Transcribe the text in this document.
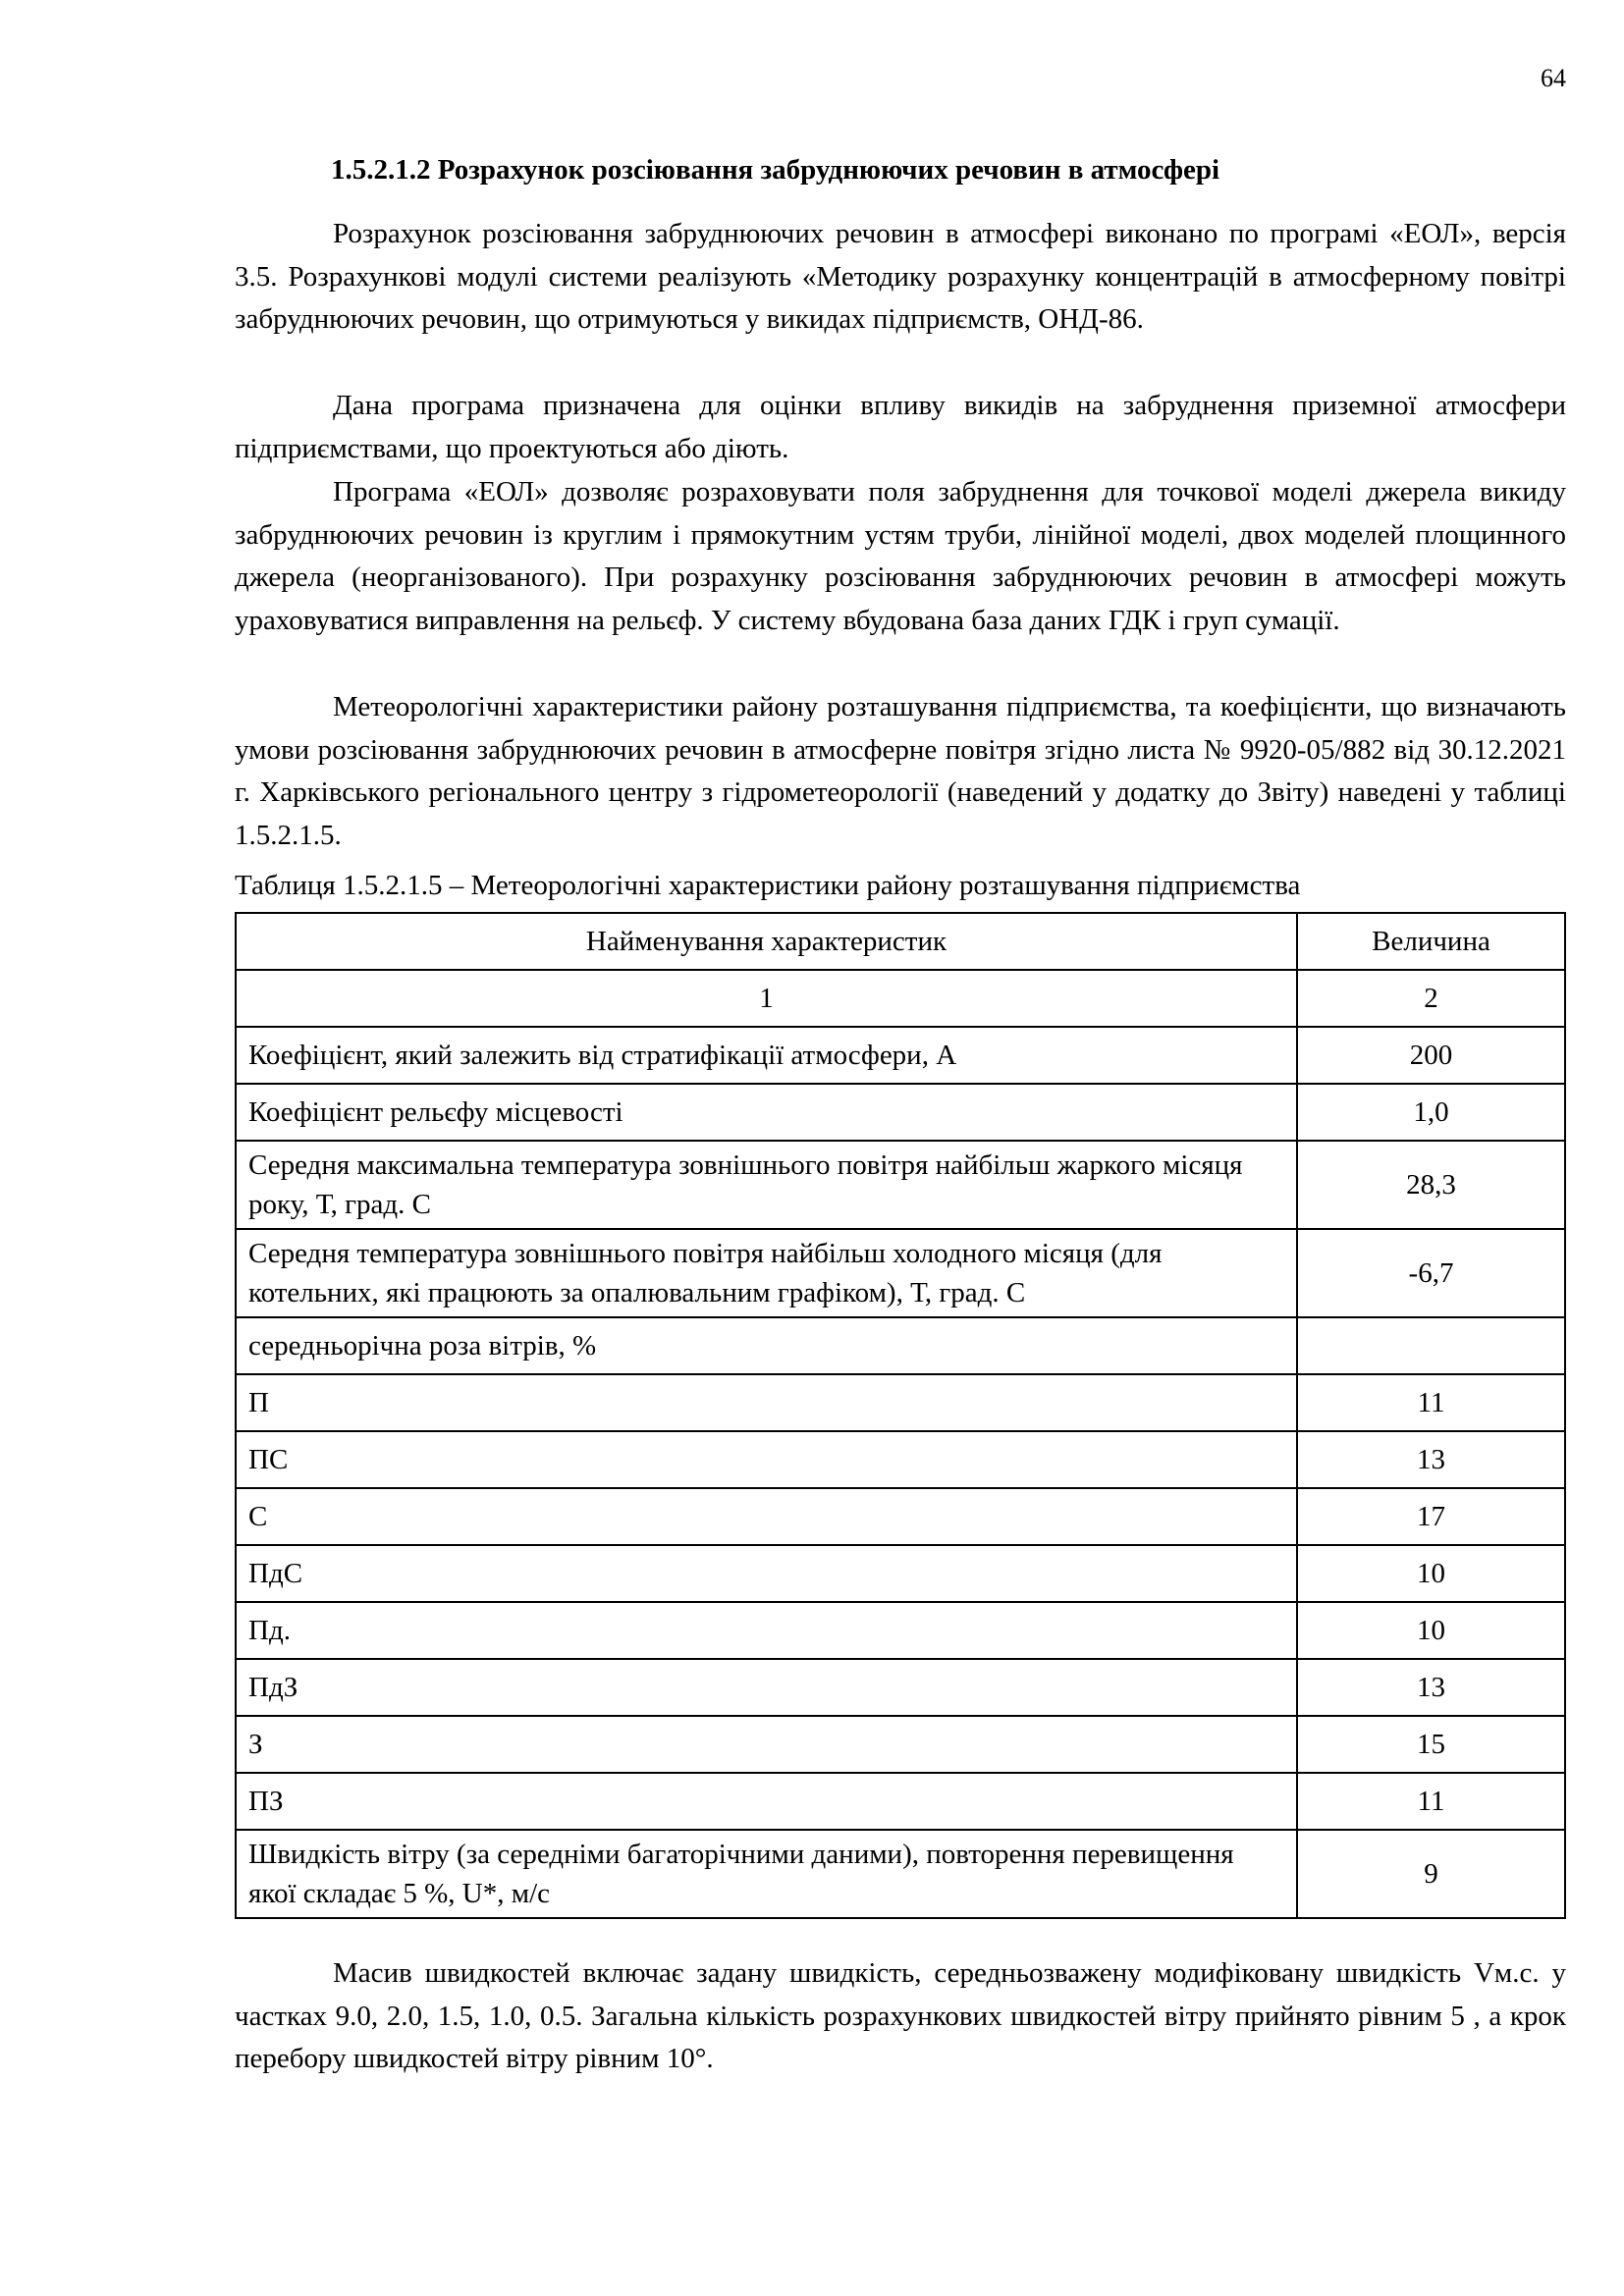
64
1.5.2.1.2 Розрахунок розсіювання забруднюючих речовин в атмосфері

Розрахунок розсіювання забруднюючих речовин в атмосфері виконано по програмі «ЕОЛ», версія 3.5. Розрахункові модулі системи реалізують «Методику розрахунку концентрацій в атмосферному повітрі забруднюючих речовин, що отримуються у викидах підприємств, ОНД-86.

Дана програма призначена для оцінки впливу викидів на забруднення приземної атмосфери підприємствами, що проектуються або діють.

Програма «ЕОЛ» дозволяє розраховувати поля забруднення для точкової моделі джерела викиду забруднюючих речовин із круглим і прямокутним устям труби, лінійної моделі, двох моделей площинного джерела (неорганізованого). При розрахунку розсіювання забруднюючих речовин в атмосфері можуть ураховуватися виправлення на рельєф. У систему вбудована база даних ГДК і груп сумації.

Метеорологічні характеристики району розташування підприємства, та коефіцієнти, що визначають умови розсіювання забруднюючих речовин в атмосферне повітря згідно листа № 9920-05/882 від 30.12.2021 г. Харківського регіонального центру з гідрометеорології (наведений у додатку до Звіту) наведені у таблиці 1.5.2.1.5.

Таблиця 1.5.2.1.5 – Метеорологічні характеристики району розташування підприємства
Найменування характеристик	Величина
1	2
Коефіцієнт, який залежить від стратифікації атмосфери, А	200
Коефіцієнт рельєфу місцевості	1,0
Середня максимальна температура зовнішнього повітря найбільш жаркого місяця року, Т, град. С	28,3
Середня температура зовнішнього повітря найбільш холодного місяця (для котельних, які працюють за опалювальним графіком), Т, град. С	-6,7
середньорічна роза вітрів, %	
П	11
ПС	13
С	17
ПдС	10
Пд.	10
ПдЗ	13
З	15
ПЗ	11
Швидкість вітру (за середніми багаторічними даними), повторення перевищення якої складає 5 %, U*, м/с	9

Масив швидкостей включає задану швидкість, середньозважену модифіковану швидкість Vм.с. у частках 9.0, 2.0, 1.5, 1.0, 0.5. Загальна кількість розрахункових швидкостей вітру прийнято рівним 5 , а крок перебору швидкостей вітру рівним 10°.
